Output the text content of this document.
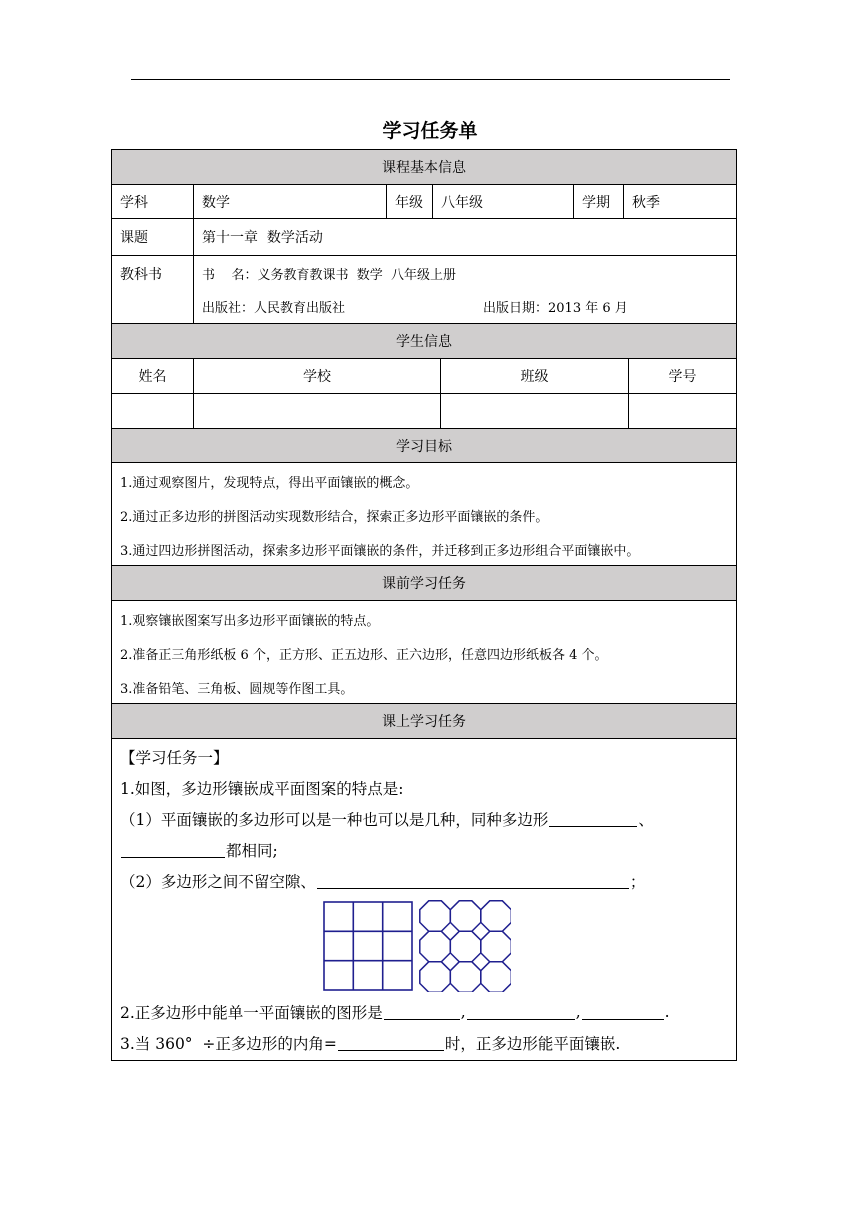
学习任务单
课程基本信息
学科	数学	年级	八年级	学期	秋季
课题	第十一章  数学活动
教科书	书    名：义务教育教课书  数学  八年级上册
出版社：人民教育出版社	出版日期：2013 年 6 月
学生信息
姓名	学校	班级	学号
学习目标
1.通过观察图片，发现特点，得出平面镶嵌的概念。
2.通过正多边形的拼图活动实现数形结合，探索正多边形平面镶嵌的条件。
3.通过四边形拼图活动，探索多边形平面镶嵌的条件，并迁移到正多边形组合平面镶嵌中。
课前学习任务
1.观察镶嵌图案写出多边形平面镶嵌的特点。
2.准备正三角形纸板 6 个，正方形、正五边形、正六边形，任意四边形纸板各 4 个。
3.准备铅笔、三角板、圆规等作图工具。
课上学习任务
【学习任务一】
1.如图，多边形镶嵌成平面图案的特点是:
（1）平面镶嵌的多边形可以是一种也可以是几种，同种多边形	、
都相同;
（2）多边形之间不留空隙、	；
2.正多边形中能单一平面镶嵌的图形是	,	,	.
3.当 360°  ÷正多边形的内角=	时，正多边形能平面镶嵌.
